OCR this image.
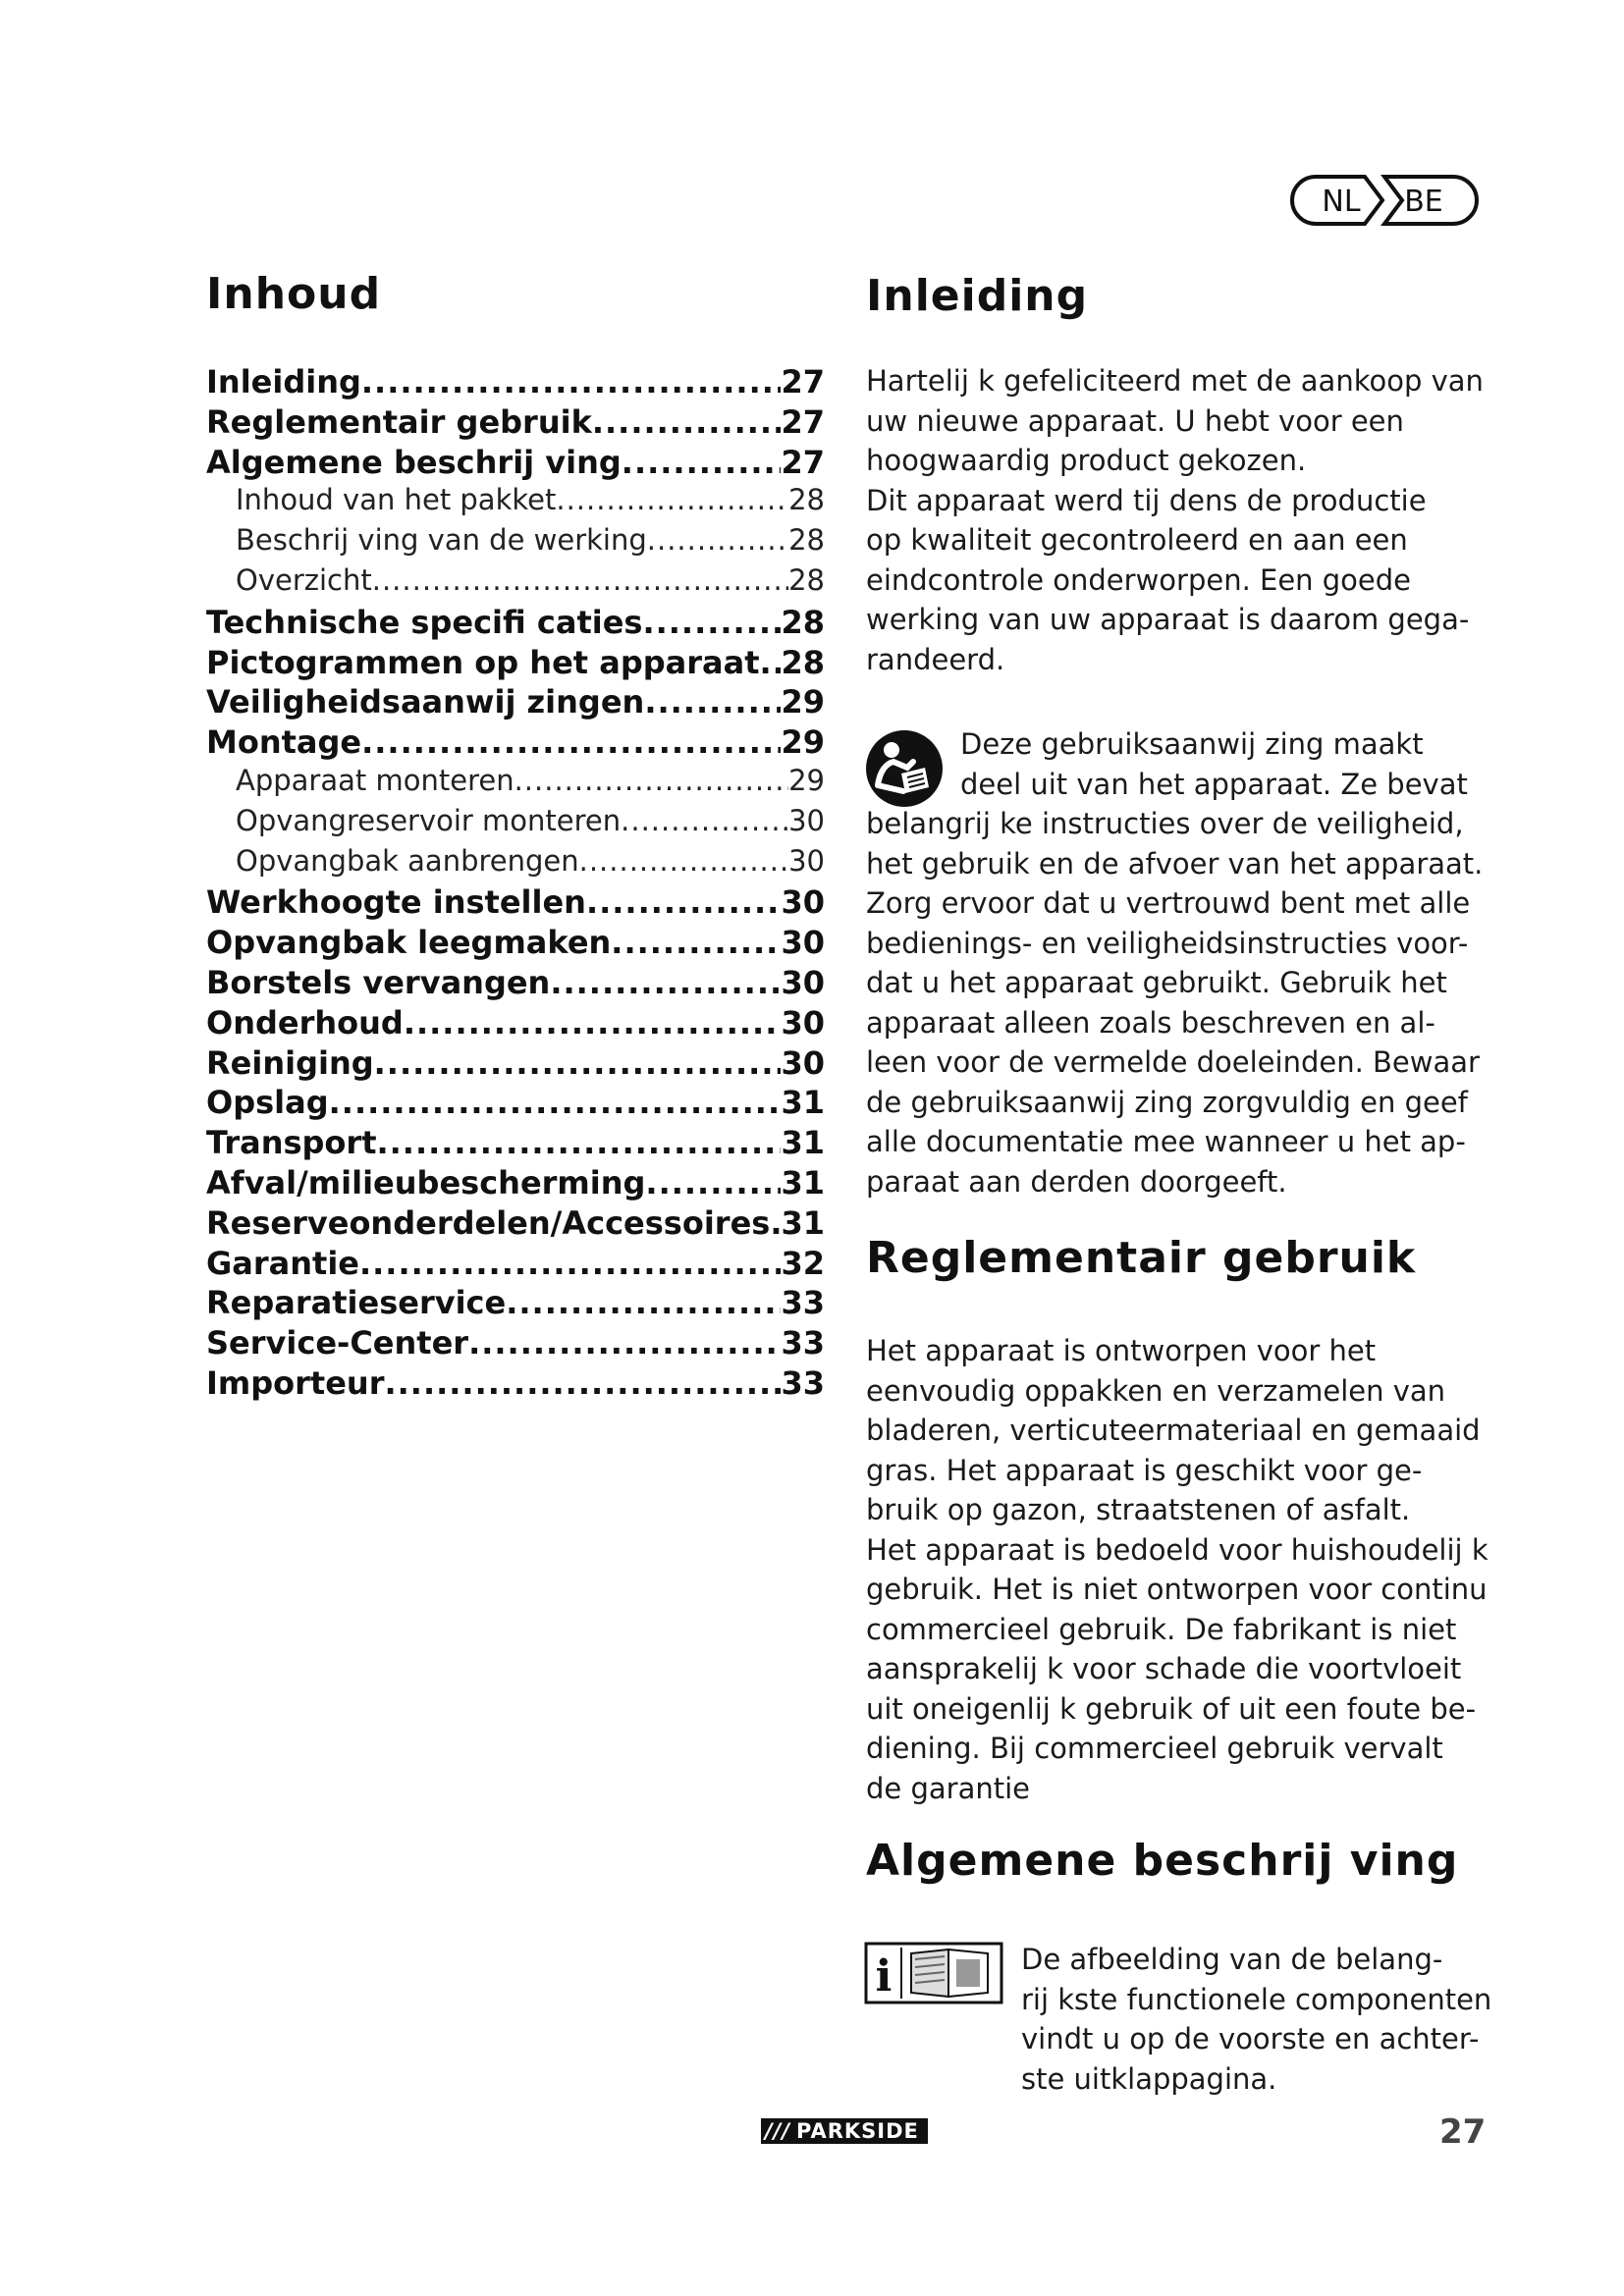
NL BE
Inhoud
Inleiding .....	27
Reglementair gebruik .....	27
Algemene beschrij ving .....	27
Inhoud van het pakket .....	28
Beschrij ving van de werking .....	28
Overzicht .....	28
Technische specifi caties .....	28
Pictogrammen op het apparaat ..... 28
Veiligheidsaanwij zingen .....	29
Montage .....	29
Apparaat monteren .....	29
Opvangreservoir monteren .....	30
Opvangbak aanbrengen .....	30
Werkhoogte instellen .....	30
Opvangbak leegmaken .....	30
Borstels vervangen .....	30
Onderhoud .....	30
Reiniging .....	30
Opslag .....	31
Transport .....	31
Afval/milieubescherming .....	31
Reserveonderdelen/Accessoires ..... 31
Garantie .....	32
Reparatieservice .....	33
Service-Center .....	33
Importeur .....	33
Inleiding

Hartelij k gefeliciteerd met de aankoop van
uw nieuwe apparaat. U hebt voor een
hoogwaardig product gekozen.
Dit apparaat werd tij dens de productie
op kwaliteit gecontroleerd en aan een
eindcontrole onderworpen. Een goede
werking van uw apparaat is daarom gega-
randeerd.

Deze gebruiksaanwij zing maakt
deel uit van het apparaat. Ze bevat

belangrij ke instructies over de veiligheid,
het gebruik en de afvoer van het apparaat.
Zorg ervoor dat u vertrouwd bent met alle
bedienings- en veiligheidsinstructies voor-
dat u het apparaat gebruikt. Gebruik het
apparaat alleen zoals beschreven en al-
leen voor de vermelde doeleinden. Bewaar
de gebruiksaanwij zing zorgvuldig en geef
alle documentatie mee wanneer u het ap-
paraat aan derden doorgeeft.

Reglementair gebruik

Het apparaat is ontworpen voor het
eenvoudig oppakken en verzamelen van
bladeren, verticuteermateriaal en gemaaid
gras. Het apparaat is geschikt voor ge-
bruik op gazon, straatstenen of asfalt.
Het apparaat is bedoeld voor huishoudelij k
gebruik. Het is niet ontworpen voor continu
commercieel gebruik. De fabrikant is niet
aansprakelij k voor schade die voortvloeit
uit oneigenlij k gebruik of uit een foute be-
diening. Bij commercieel gebruik vervalt
de garantie

Algemene beschrij ving
i	De afbeelding van de belang-
rij kste functionele componenten
vindt u op de voorste en achter-
ste uitklappagina.

/// PARKSIDE	27
